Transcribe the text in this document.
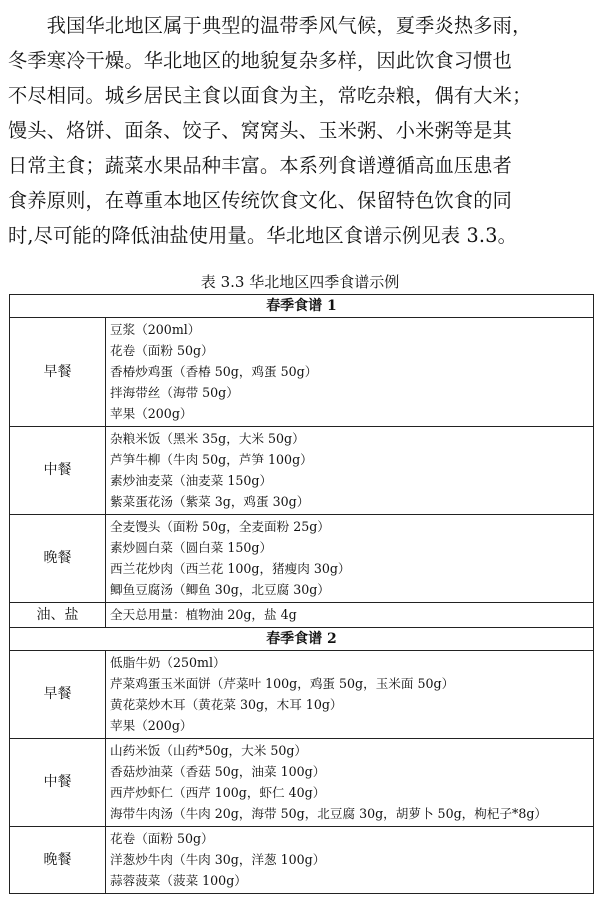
　　我国华北地区属于典型的温带季风气候，夏季炎热多雨，
冬季寒冷干燥。华北地区的地貌复杂多样，因此饮食习惯也
不尽相同。城乡居民主食以面食为主，常吃杂粮，偶有大米；
馒头、烙饼、面条、饺子、窝窝头、玉米粥、小米粥等是其
日常主食；蔬菜水果品种丰富。本系列食谱遵循高血压患者
食养原则，在尊重本地区传统饮食文化、保留特色饮食的同
时,尽可能的降低油盐使用量。华北地区食谱示例见表 3.3。
表 3.3 华北地区四季食谱示例
春季食谱 1	
早餐	豆浆（200ml）
花卷（面粉 50g）
香椿炒鸡蛋（香椿 50g，鸡蛋 50g）
拌海带丝（海带 50g）
苹果（200g）

中餐	杂粮米饭（黑米 35g，大米 50g）
芦笋牛柳（牛肉 50g，芦笋 100g）
素炒油麦菜（油麦菜 150g）
紫菜蛋花汤（紫菜 3g，鸡蛋 30g）

晚餐	全麦馒头（面粉 50g，全麦面粉 25g）
素炒圆白菜（圆白菜 150g）
西兰花炒肉（西兰花 100g，猪瘦肉 30g）
鲫鱼豆腐汤（鲫鱼 30g，北豆腐 30g）

油、盐	全天总用量：植物油 20g，盐 4g
春季食谱 2	
早餐	低脂牛奶（250ml）
芹菜鸡蛋玉米面饼（芹菜叶 100g，鸡蛋 50g，玉米面 50g）
黄花菜炒木耳（黄花菜 30g，木耳 10g）
苹果（200g）

中餐	山药米饭（山药*50g，大米 50g）
香菇炒油菜（香菇 50g，油菜 100g）
西芹炒虾仁（西芹 100g，虾仁 40g）
海带牛肉汤（牛肉 20g，海带 50g，北豆腐 30g，胡萝卜 50g，枸杞子*8g）

晚餐	花卷（面粉 50g）
洋葱炒牛肉（牛肉 30g，洋葱 100g）
蒜蓉菠菜（菠菜 100g）
